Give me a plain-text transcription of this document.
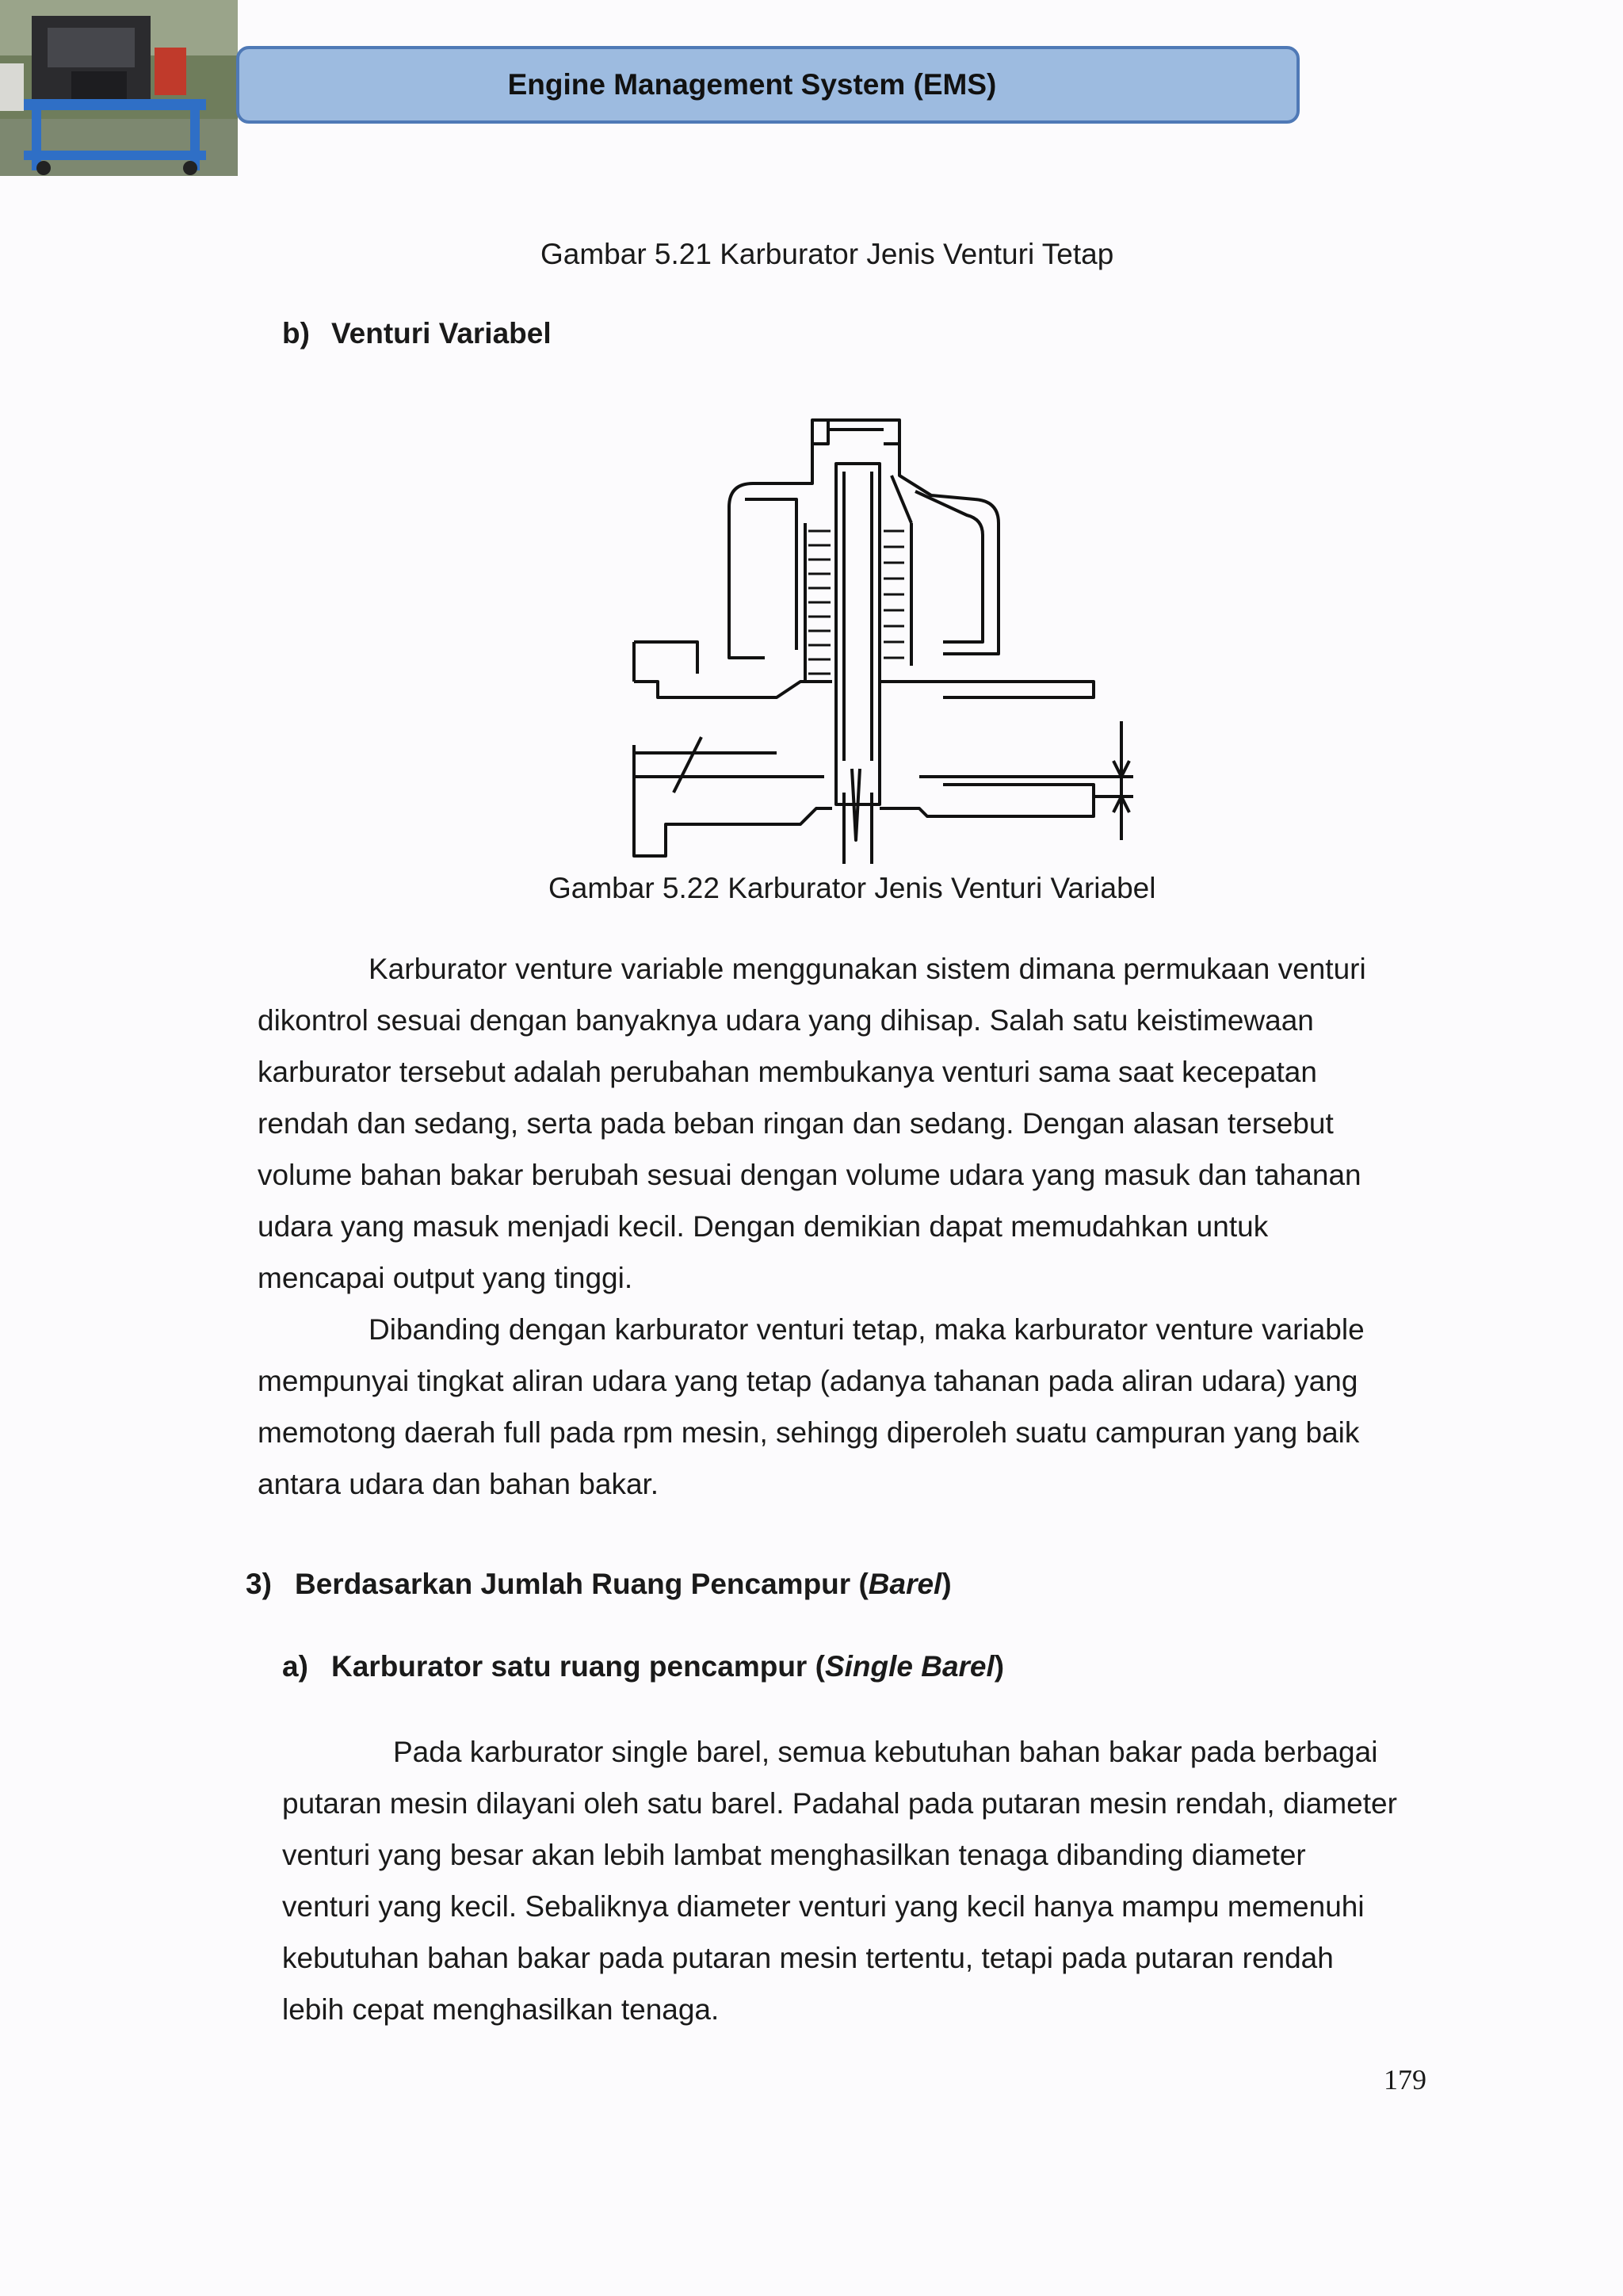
Engine Management System (EMS)
Gambar 5.21 Karburator Jenis Venturi Tetap
b) Venturi Variabel
Gambar 5.22 Karburator Jenis Venturi Variabel

Karburator venture variable menggunakan sistem dimana permukaan venturi

dikontrol sesuai dengan banyaknya udara yang dihisap. Salah satu keistimewaan

karburator tersebut adalah perubahan membukanya venturi sama saat kecepatan

rendah dan sedang, serta pada beban ringan dan sedang. Dengan alasan tersebut

volume bahan bakar berubah sesuai dengan volume udara yang masuk dan tahanan

udara yang masuk menjadi kecil. Dengan demikian dapat memudahkan untuk

mencapai output yang tinggi.

Dibanding dengan karburator venturi tetap, maka karburator venture variable

mempunyai tingkat aliran udara yang tetap (adanya tahanan pada aliran udara) yang

memotong daerah full pada rpm mesin, sehingg diperoleh suatu campuran yang baik

antara udara dan bahan bakar.

3) Berdasarkan Jumlah Ruang Pencampur (Barel)
a) Karburator satu ruang pencampur (Single Barel)

Pada karburator single barel, semua kebutuhan bahan bakar pada berbagai

putaran mesin dilayani oleh satu barel. Padahal pada putaran mesin rendah, diameter

venturi yang besar akan lebih lambat menghasilkan tenaga dibanding diameter

venturi yang kecil. Sebaliknya diameter venturi yang kecil hanya mampu memenuhi

kebutuhan bahan bakar pada putaran mesin tertentu, tetapi pada putaran rendah

lebih cepat menghasilkan tenaga.

179
